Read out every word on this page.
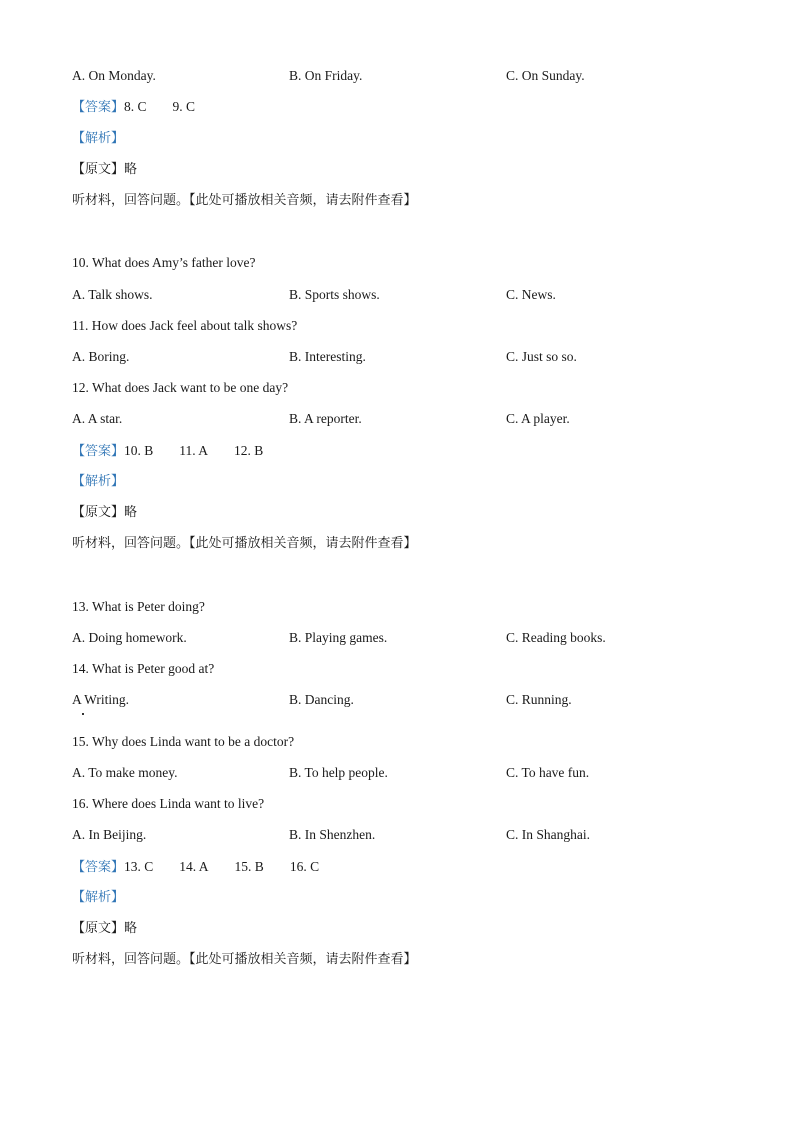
A. On Monday.	B. On Friday.	C. On Sunday.
【答案】8. C 9. C
【解析】
【原文】略
听材料，回答问题。【此处可播放相关音频，请去附件查看】
10. What does Amy’s father love?
A. Talk shows.	B. Sports shows.	C. News.
11. How does Jack feel about talk shows?
A. Boring.	B. Interesting.	C. Just so so.
12. What does Jack want to be one day?
A. A star.	B. A reporter.	C. A player.
【答案】10. B 11. A 12. B
【解析】
【原文】略
听材料，回答问题。【此处可播放相关音频，请去附件查看】
13. What is Peter doing?
A. Doing homework.	B. Playing games.	C. Reading books.
14. What is Peter good at?
A Writing.	B. Dancing.	C. Running.
15. Why does Linda want to be a doctor?
A. To make money.	B. To help people.	C. To have fun.
16. Where does Linda want to live?
A. In Beijing.	B. In Shenzhen.	C. In Shanghai.
【答案】13. C 14. A 15. B 16. C
【解析】
【原文】略
听材料，回答问题。【此处可播放相关音频，请去附件查看】
